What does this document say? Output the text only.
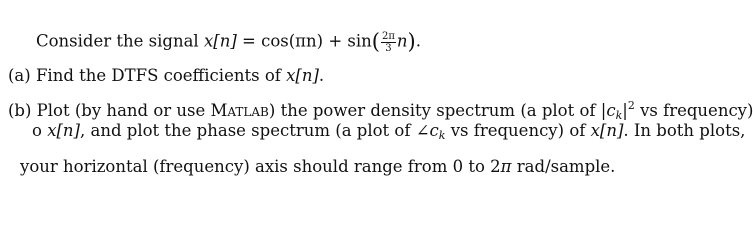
Consider the signal $x[n] = \cos(\pi n) + \sin( \frac{2\pi}{3} n)$.
(a) Find the DTFS coefficients of x[n].
(b) Plot (by hand or use Matlab) the power density spectrum (a plot of $|c_k|^2$ vs frequency)
o x[n], and plot the phase spectrum (a plot of $\angle c_k$ vs frequency) of x[n]. In both plots,
your horizontal (frequency) axis should range from 0 to 2π rad/sample.
